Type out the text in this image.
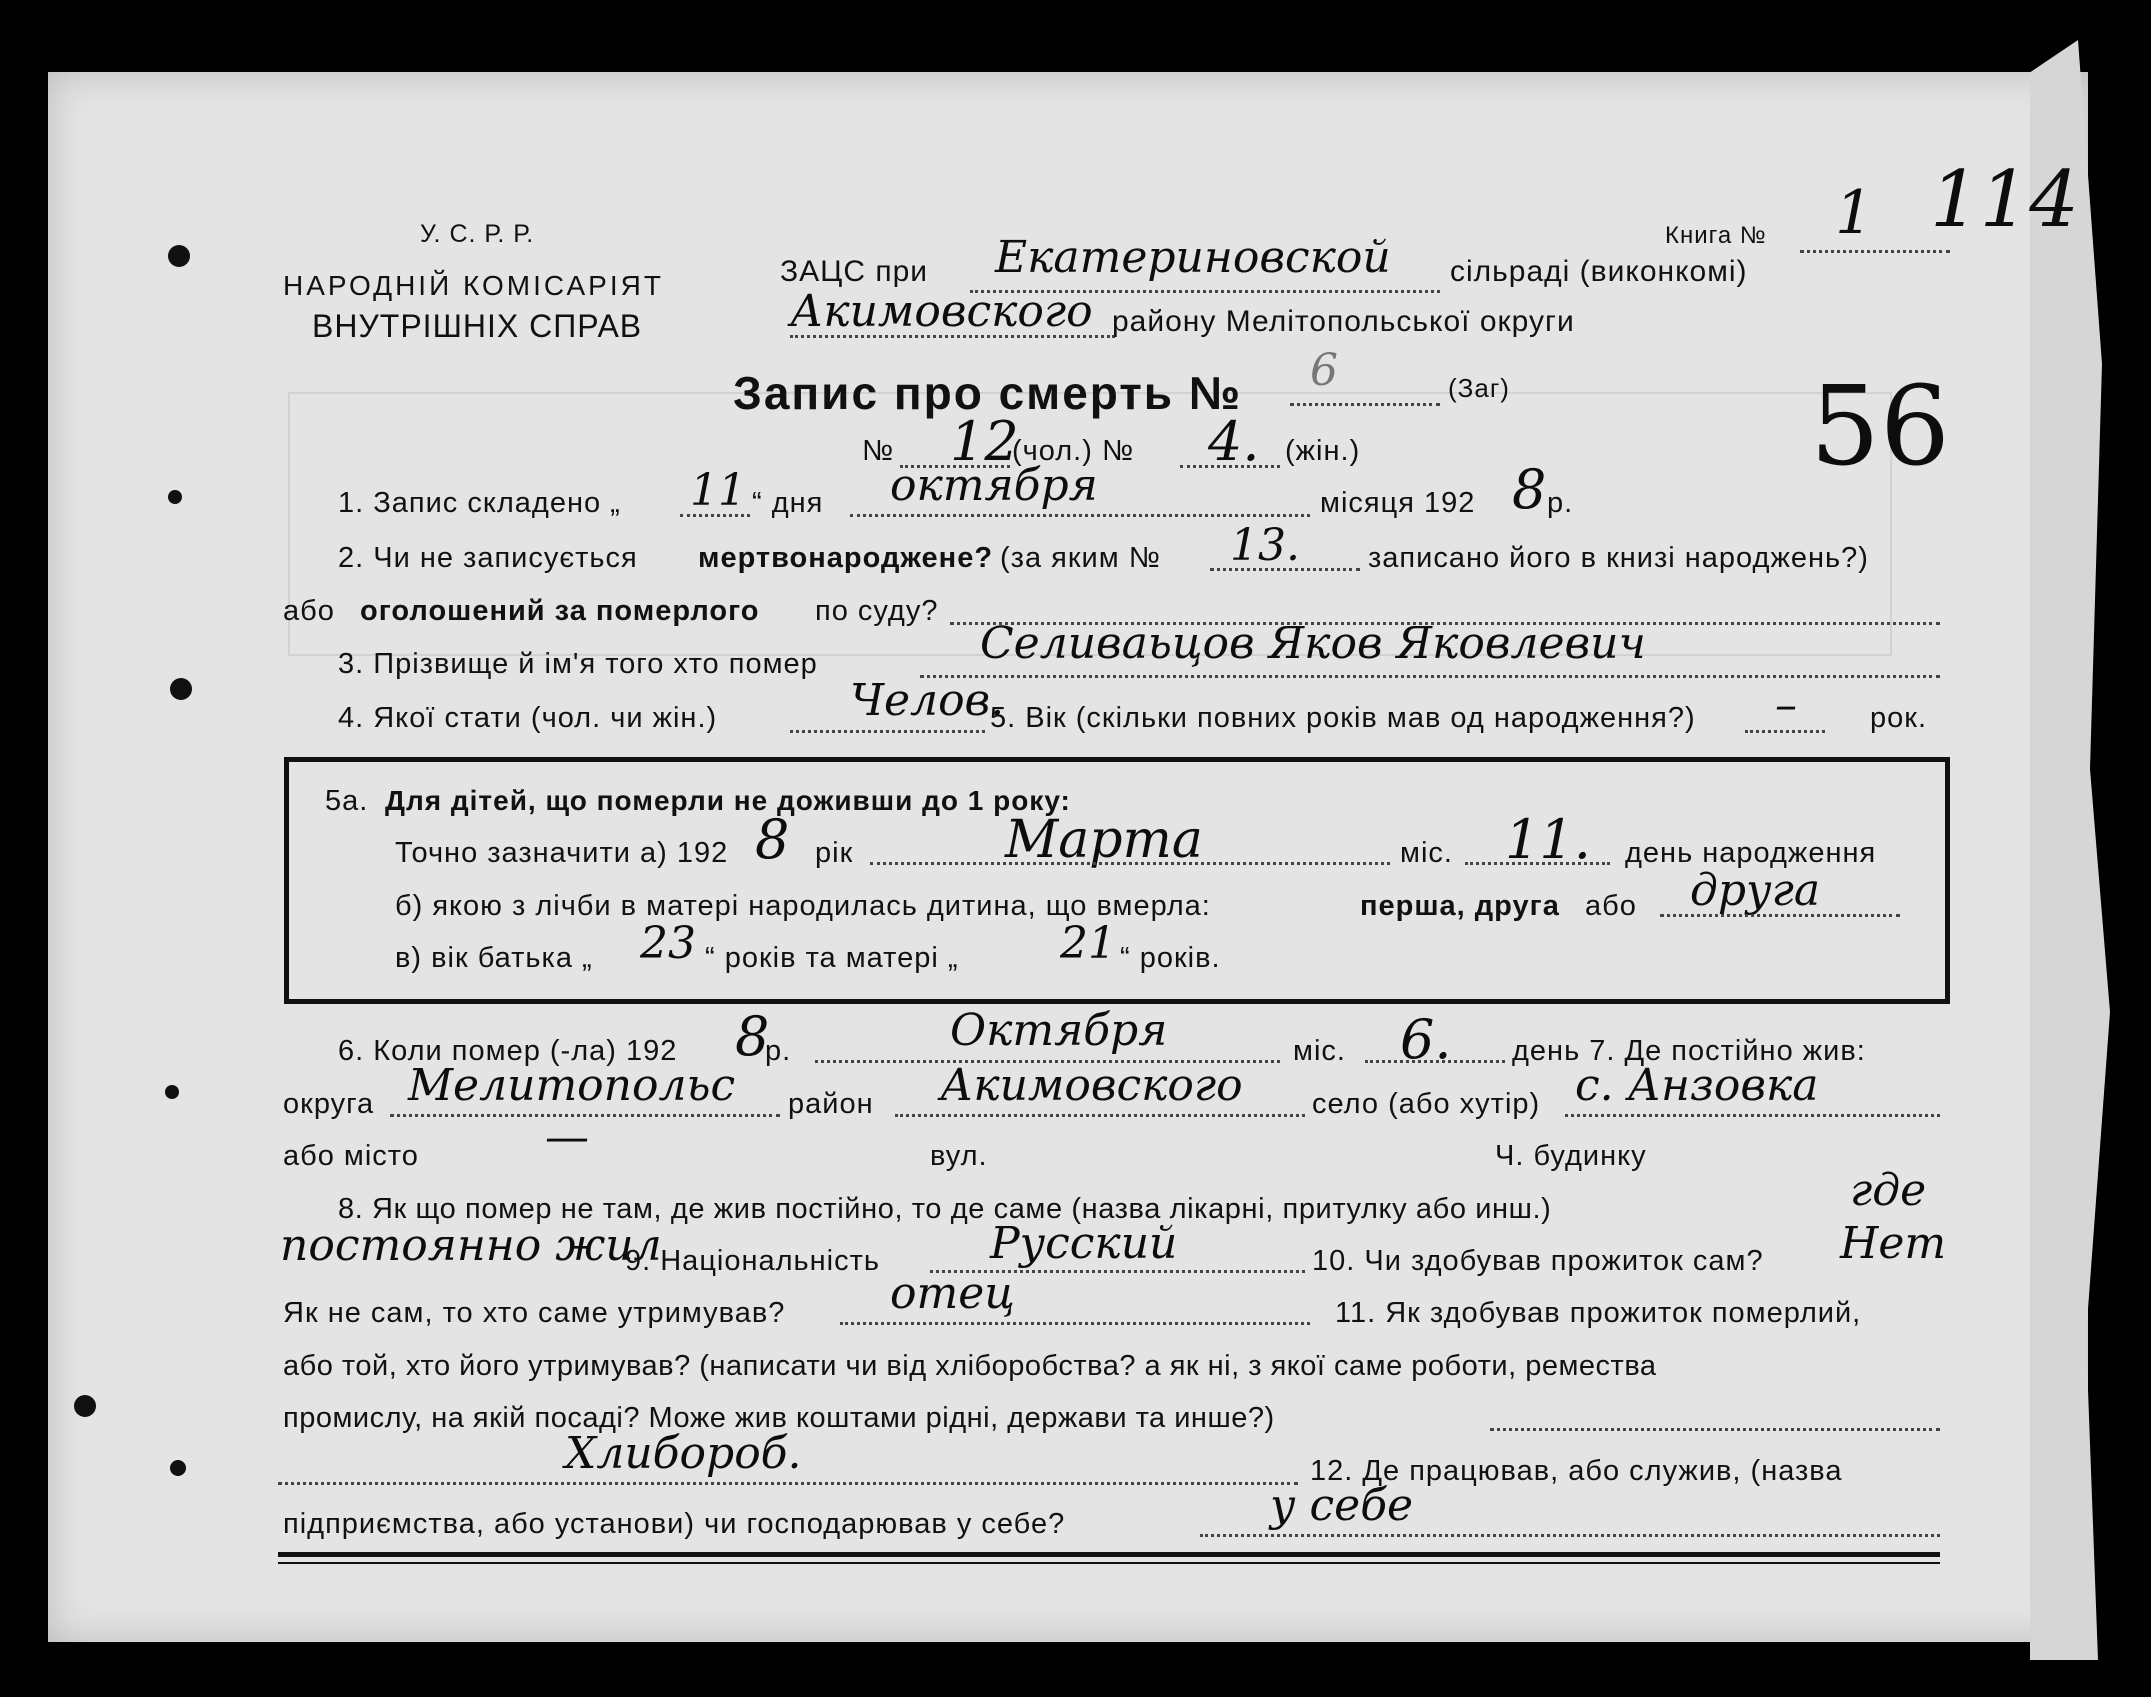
У. С. Р. Р.
НАРОДНІЙ КОМІСАРІЯТ
ВНУТРІШНІХ СПРАВ
Книга № 1 114
ЗАЦС при Екатериновской сільраді (виконкомі)
Акимовского району Мелітопольської округи
Запис про смерть № 6	(Заг)	56
№ 12
(чол.) № 4. (жін.)
1. Запис складено „ 11 “ дня октября	місяця 192 8 р.
2. Чи не записується мертвонароджене? (за яким № 13. записано його в книзі народжень?)
або оголошений за померлого по суду?
3. Прізвище й ім'я того хто помер	Селиваьцов Яков Яковлевич
4. Якої стати (чол. чи жін.)	Челов.
5. Вік (скільки повних років мав од народження?) –	рок.
5а. Для дітей, що померли не доживши до 1 року:
Точно зазначити а) 192 8 рік	Марта	міс. 11. день народження
б) якою з лічби в матері народилась дитина, що вмерла:	перша, друга або друга
в) вік батька „ 23 “ років та матері „ 21 “ років.
6. Коли помер (-ла) 192 8
р.	Октября	міс. 6. день 7. Де постійно жив:
округа Мелитопольс район Акимовского село (або хутір) с. Анзовка
або місто	—	вул.	Ч. будинку
8. Як що помер не там, де жив постійно, то де саме (назва лікарні, притулку або инш.)	где
постоянно жил
9. Національність Русский	10. Чи здобував прожиток сам? Нет
Як не сам, то хто саме утримував? отец	11. Як здобував прожиток померлий,
або той, хто його утримував? (написати чи від хліборобства? а як ні, з якої саме роботи, ремества
промислу, на якій посаді? Може жив коштами рідні, держави та инше?)
Хлибороб.	12. Де працював, або служив, (назва
підприємства, або установи) чи господарював у себе?	у себе
